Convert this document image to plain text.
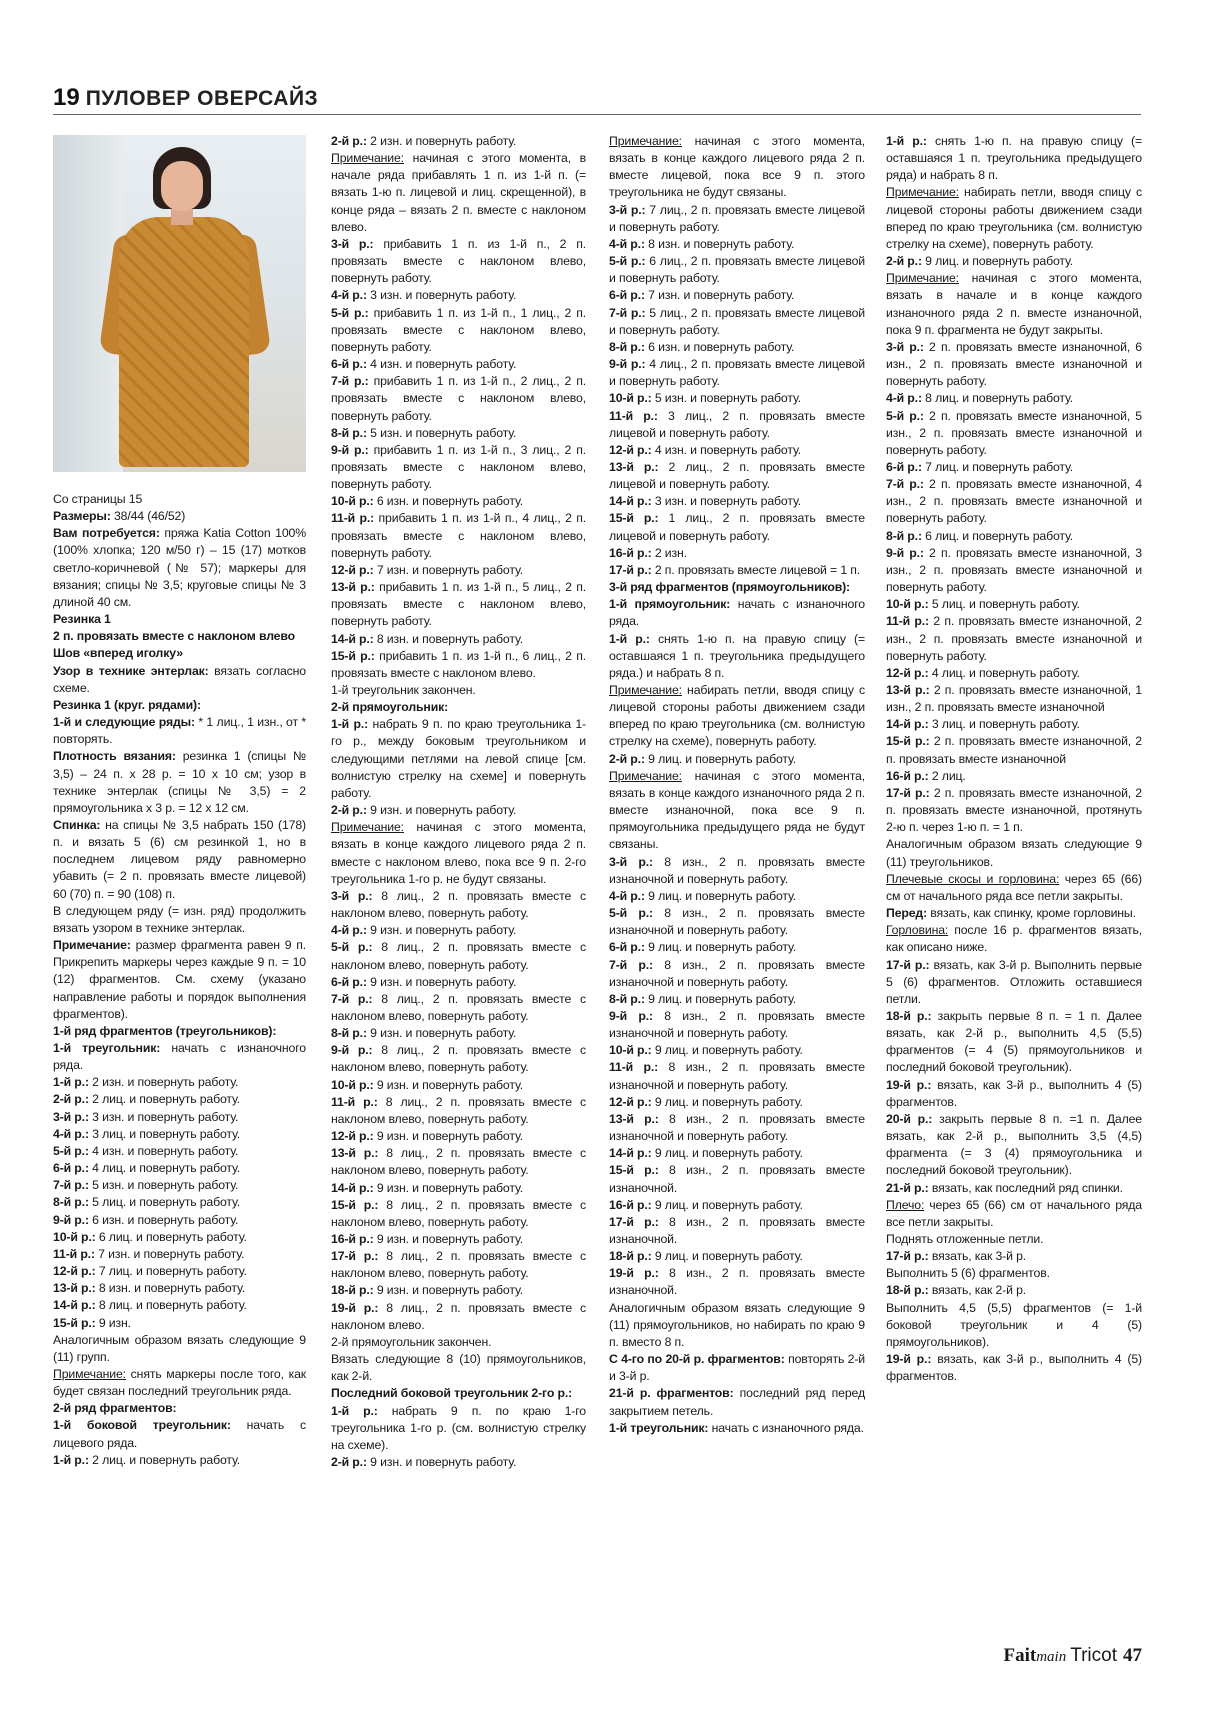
19 ПУЛОВЕР ОВЕРСАЙЗ

Со страницы 15

Размеры: 38/44 (46/52)

Вам потребуется: пряжа Katia Cotton 100% (100% хлопка; 120 м/50 г) – 15 (17) мотков светло-коричневой (№ 57); маркеры для вязания; спицы № 3,5; круговые спицы № 3 длиной 40 см.

Резинка 1

2 п. провязать вместе с наклоном влево

Шов «вперед иголку»

Узор в технике энтерлак: вязать согласно схеме.

Резинка 1 (круг. рядами):

1-й и следующие ряды: * 1 лиц., 1 изн., от * повторять.

Плотность вязания: резинка 1 (спицы № 3,5) – 24 п. х 28 р. = 10 х 10 см; узор в технике энтерлак (спицы № 3,5) = 2 прямоугольника х 3 р. = 12 х 12 см.

Спинка: на спицы № 3,5 набрать 150 (178) п. и вязать 5 (6) см резинкой 1, но в последнем лицевом ряду равномерно убавить (= 2 п. провязать вместе лицевой) 60 (70) п. = 90 (108) п.

В следующем ряду (= изн. ряд) продолжить вязать узором в технике энтерлак.

Примечание: размер фрагмента равен 9 п. Прикрепить маркеры через каждые 9 п. = 10 (12) фрагментов. См. схему (указано направление работы и порядок выполнения фрагментов).

1-й ряд фрагментов (треугольников):

1-й треугольник: начать с изнаночного ряда.

1-й р.: 2 изн. и повернуть работу.

2-й р.: 2 лиц. и повернуть работу.

3-й р.: 3 изн. и повернуть работу.

4-й р.: 3 лиц. и повернуть работу.

5-й р.: 4 изн. и повернуть работу.

6-й р.: 4 лиц. и повернуть работу.

7-й р.: 5 изн. и повернуть работу.

8-й р.: 5 лиц. и повернуть работу.

9-й р.: 6 изн. и повернуть работу.

10-й р.: 6 лиц. и повернуть работу.

11-й р.: 7 изн. и повернуть работу.

12-й р.: 7 лиц. и повернуть работу.

13-й р.: 8 изн. и повернуть работу.

14-й р.: 8 лиц. и повернуть работу.

15-й р.: 9 изн.

Аналогичным образом вязать следующие 9 (11) групп.

Примечание: снять маркеры после того, как будет связан последний треугольник ряда.

2-й ряд фрагментов:

1-й боковой треугольник: начать с лицевого ряда.

1-й р.: 2 лиц. и повернуть работу.

2-й р.: 2 изн. и повернуть работу.

Примечание: начиная с этого момента, в начале ряда прибавлять 1 п. из 1-й п. (= вязать 1-ю п. лицевой и лиц. скрещенной), в конце ряда – вязать 2 п. вместе с наклоном влево.

3-й р.: прибавить 1 п. из 1-й п., 2 п. провязать вместе с наклоном влево, повернуть работу.

4-й р.: 3 изн. и повернуть работу.

5-й р.: прибавить 1 п. из 1-й п., 1 лиц., 2 п. провязать вместе с наклоном влево, повернуть работу.

6-й р.: 4 изн. и повернуть работу.

7-й р.: прибавить 1 п. из 1-й п., 2 лиц., 2 п. провязать вместе с наклоном влево, повернуть работу.

8-й р.: 5 изн. и повернуть работу.

9-й р.: прибавить 1 п. из 1-й п., 3 лиц., 2 п. провязать вместе с наклоном влево, повернуть работу.

10-й р.: 6 изн. и повернуть работу.

11-й р.: прибавить 1 п. из 1-й п., 4 лиц., 2 п. провязать вместе с наклоном влево, повернуть работу.

12-й р.: 7 изн. и повернуть работу.

13-й р.: прибавить 1 п. из 1-й п., 5 лиц., 2 п. провязать вместе с наклоном влево, повернуть работу.

14-й р.: 8 изн. и повернуть работу.

15-й р.: прибавить 1 п. из 1-й п., 6 лиц., 2 п. провязать вместе с наклоном влево.

1-й треугольник закончен.

2-й прямоугольник:

1-й р.: набрать 9 п. по краю треугольника 1-го р., между боковым треугольником и следующими петлями на левой спице [см. волнистую стрелку на схеме] и повернуть работу.

2-й р.: 9 изн. и повернуть работу.

Примечание: начиная с этого момента, вязать в конце каждого лицевого ряда 2 п. вместе с наклоном влево, пока все 9 п. 2-го треугольника 1-го р. не будут связаны.

3-й р.: 8 лиц., 2 п. провязать вместе с наклоном влево, повернуть работу.

4-й р.: 9 изн. и повернуть работу.

5-й р.: 8 лиц., 2 п. провязать вместе с наклоном влево, повернуть работу.

6-й р.: 9 изн. и повернуть работу.

7-й р.: 8 лиц., 2 п. провязать вместе с наклоном влево, повернуть работу.

8-й р.: 9 изн. и повернуть работу.

9-й р.: 8 лиц., 2 п. провязать вместе с наклоном влево, повернуть работу.

10-й р.: 9 изн. и повернуть работу.

11-й р.: 8 лиц., 2 п. провязать вместе с наклоном влево, повернуть работу.

12-й р.: 9 изн. и повернуть работу.

13-й р.: 8 лиц., 2 п. провязать вместе с наклоном влево, повернуть работу.

14-й р.: 9 изн. и повернуть работу.

15-й р.: 8 лиц., 2 п. провязать вместе с наклоном влево, повернуть работу.

16-й р.: 9 изн. и повернуть работу.

17-й р.: 8 лиц., 2 п. провязать вместе с наклоном влево, повернуть работу.

18-й р.: 9 изн. и повернуть работу.

19-й р.: 8 лиц., 2 п. провязать вместе с наклоном влево.

2-й прямоугольник закончен.

Вязать следующие 8 (10) прямоугольников, как 2-й.

Последний боковой треугольник 2-го р.:

1-й р.: набрать 9 п. по краю 1-го треугольника 1-го р. (см. волнистую стрелку на схеме).

2-й р.: 9 изн. и повернуть работу.

Примечание: начиная с этого момента, вязать в конце каждого лицевого ряда 2 п. вместе лицевой, пока все 9 п. этого треугольника не будут связаны.

3-й р.: 7 лиц., 2 п. провязать вместе лицевой и повернуть работу.

4-й р.: 8 изн. и повернуть работу.

5-й р.: 6 лиц., 2 п. провязать вместе лицевой и повернуть работу.

6-й р.: 7 изн. и повернуть работу.

7-й р.: 5 лиц., 2 п. провязать вместе лицевой и повернуть работу.

8-й р.: 6 изн. и повернуть работу.

9-й р.: 4 лиц., 2 п. провязать вместе лицевой и повернуть работу.

10-й р.: 5 изн. и повернуть работу.

11-й р.: 3 лиц., 2 п. провязать вместе лицевой и повернуть работу.

12-й р.: 4 изн. и повернуть работу.

13-й р.: 2 лиц., 2 п. провязать вместе лицевой и повернуть работу.

14-й р.: 3 изн. и повернуть работу.

15-й р.: 1 лиц., 2 п. провязать вместе лицевой и повернуть работу.

16-й р.: 2 изн.

17-й р.: 2 п. провязать вместе лицевой = 1 п.

3-й ряд фрагментов (прямоугольников):

1-й прямоугольник: начать с изнаночного ряда.

1-й р.: снять 1-ю п. на правую спицу (= оставшаяся 1 п. треугольника предыдущего ряда.) и набрать 8 п.

Примечание: набирать петли, вводя спицу с лицевой стороны работы движением сзади вперед по краю треугольника (см. волнистую стрелку на схеме), повернуть работу.

2-й р.: 9 лиц. и повернуть работу.

Примечание: начиная с этого момента, вязать в конце каждого изнаночного ряда 2 п. вместе изнаночной, пока все 9 п. прямоугольника предыдущего ряда не будут связаны.

3-й р.: 8 изн., 2 п. провязать вместе изнаночной и повернуть работу.

4-й р.: 9 лиц. и повернуть работу.

5-й р.: 8 изн., 2 п. провязать вместе изнаночной и повернуть работу.

6-й р.: 9 лиц. и повернуть работу.

7-й р.: 8 изн., 2 п. провязать вместе изнаночной и повернуть работу.

8-й р.: 9 лиц. и повернуть работу.

9-й р.: 8 изн., 2 п. провязать вместе изнаночной и повернуть работу.

10-й р.: 9 лиц. и повернуть работу.

11-й р.: 8 изн., 2 п. провязать вместе изнаночной и повернуть работу.

12-й р.: 9 лиц. и повернуть работу.

13-й р.: 8 изн., 2 п. провязать вместе изнаночной и повернуть работу.

14-й р.: 9 лиц. и повернуть работу.

15-й р.: 8 изн., 2 п. провязать вместе изнаночной.

16-й р.: 9 лиц. и повернуть работу.

17-й р.: 8 изн., 2 п. провязать вместе изнаночной.

18-й р.: 9 лиц. и повернуть работу.

19-й р.: 8 изн., 2 п. провязать вместе изнаночной.

Аналогичным образом вязать следующие 9 (11) прямоугольников, но набирать по краю 9 п. вместо 8 п.

С 4-го по 20-й р. фрагментов: повторять 2-й и 3-й р.

21-й р. фрагментов: последний ряд перед закрытием петель.

1-й треугольник: начать с изнаночного ряда.

1-й р.: снять 1-ю п. на правую спицу (= оставшаяся 1 п. треугольника предыдущего ряда) и набрать 8 п.

Примечание: набирать петли, вводя спицу с лицевой стороны работы движением сзади вперед по краю треугольника (см. волнистую стрелку на схеме), повернуть работу.

2-й р.: 9 лиц. и повернуть работу.

Примечание: начиная с этого момента, вязать в начале и в конце каждого изнаночного ряда 2 п. вместе изнаночной, пока 9 п. фрагмента не будут закрыты.

3-й р.: 2 п. провязать вместе изнаночной, 6 изн., 2 п. провязать вместе изнаночной и повернуть работу.

4-й р.: 8 лиц. и повернуть работу.

5-й р.: 2 п. провязать вместе изнаночной, 5 изн., 2 п. провязать вместе изнаночной и повернуть работу.

6-й р.: 7 лиц. и повернуть работу.

7-й р.: 2 п. провязать вместе изнаночной, 4 изн., 2 п. провязать вместе изнаночной и повернуть работу.

8-й р.: 6 лиц. и повернуть работу.

9-й р.: 2 п. провязать вместе изнаночной, 3 изн., 2 п. провязать вместе изнаночной и повернуть работу.

10-й р.: 5 лиц. и повернуть работу.

11-й р.: 2 п. провязать вместе изнаночной, 2 изн., 2 п. провязать вместе изнаночной и повернуть работу.

12-й р.: 4 лиц. и повернуть работу.

13-й р.: 2 п. провязать вместе изнаночной, 1 изн., 2 п. провязать вместе изнаночной

14-й р.: 3 лиц. и повернуть работу.

15-й р.: 2 п. провязать вместе изнаночной, 2 п. провязать вместе изнаночной

16-й р.: 2 лиц.

17-й р.: 2 п. провязать вместе изнаночной, 2 п. провязать вместе изнаночной, протянуть 2-ю п. через 1-ю п. = 1 п.

Аналогичным образом вязать следующие 9 (11) треугольников.

Плечевые скосы и горловина: через 65 (66) см от начального ряда все петли закрыты.

Перед: вязать, как спинку, кроме горловины.

Горловина: после 16 р. фрагментов вязать, как описано ниже.

17-й р.: вязать, как 3-й р. Выполнить первые 5 (6) фрагментов. Отложить оставшиеся петли.

18-й р.: закрыть первые 8 п. = 1 п. Далее вязать, как 2-й р., выполнить 4,5 (5,5) фрагментов (= 4 (5) прямоугольников и последний боковой треугольник).

19-й р.: вязать, как 3-й р., выполнить 4 (5) фрагментов.

20-й р.: закрыть первые 8 п. =1 п. Далее вязать, как 2-й р., выполнить 3,5 (4,5) фрагмента (= 3 (4) прямоугольника и последний боковой треугольник).

21-й р.: вязать, как последний ряд спинки.

Плечо: через 65 (66) см от начального ряда все петли закрыты.

Поднять отложенные петли.

17-й р.: вязать, как 3-й р.

Выполнить 5 (6) фрагментов.

18-й р.: вязать, как 2-й р.

Выполнить 4,5 (5,5) фрагментов (= 1-й боковой треугольник и 4 (5) прямоугольников).

19-й р.: вязать, как 3-й р., выполнить 4 (5) фрагментов.

Faitmain Tricot 47
